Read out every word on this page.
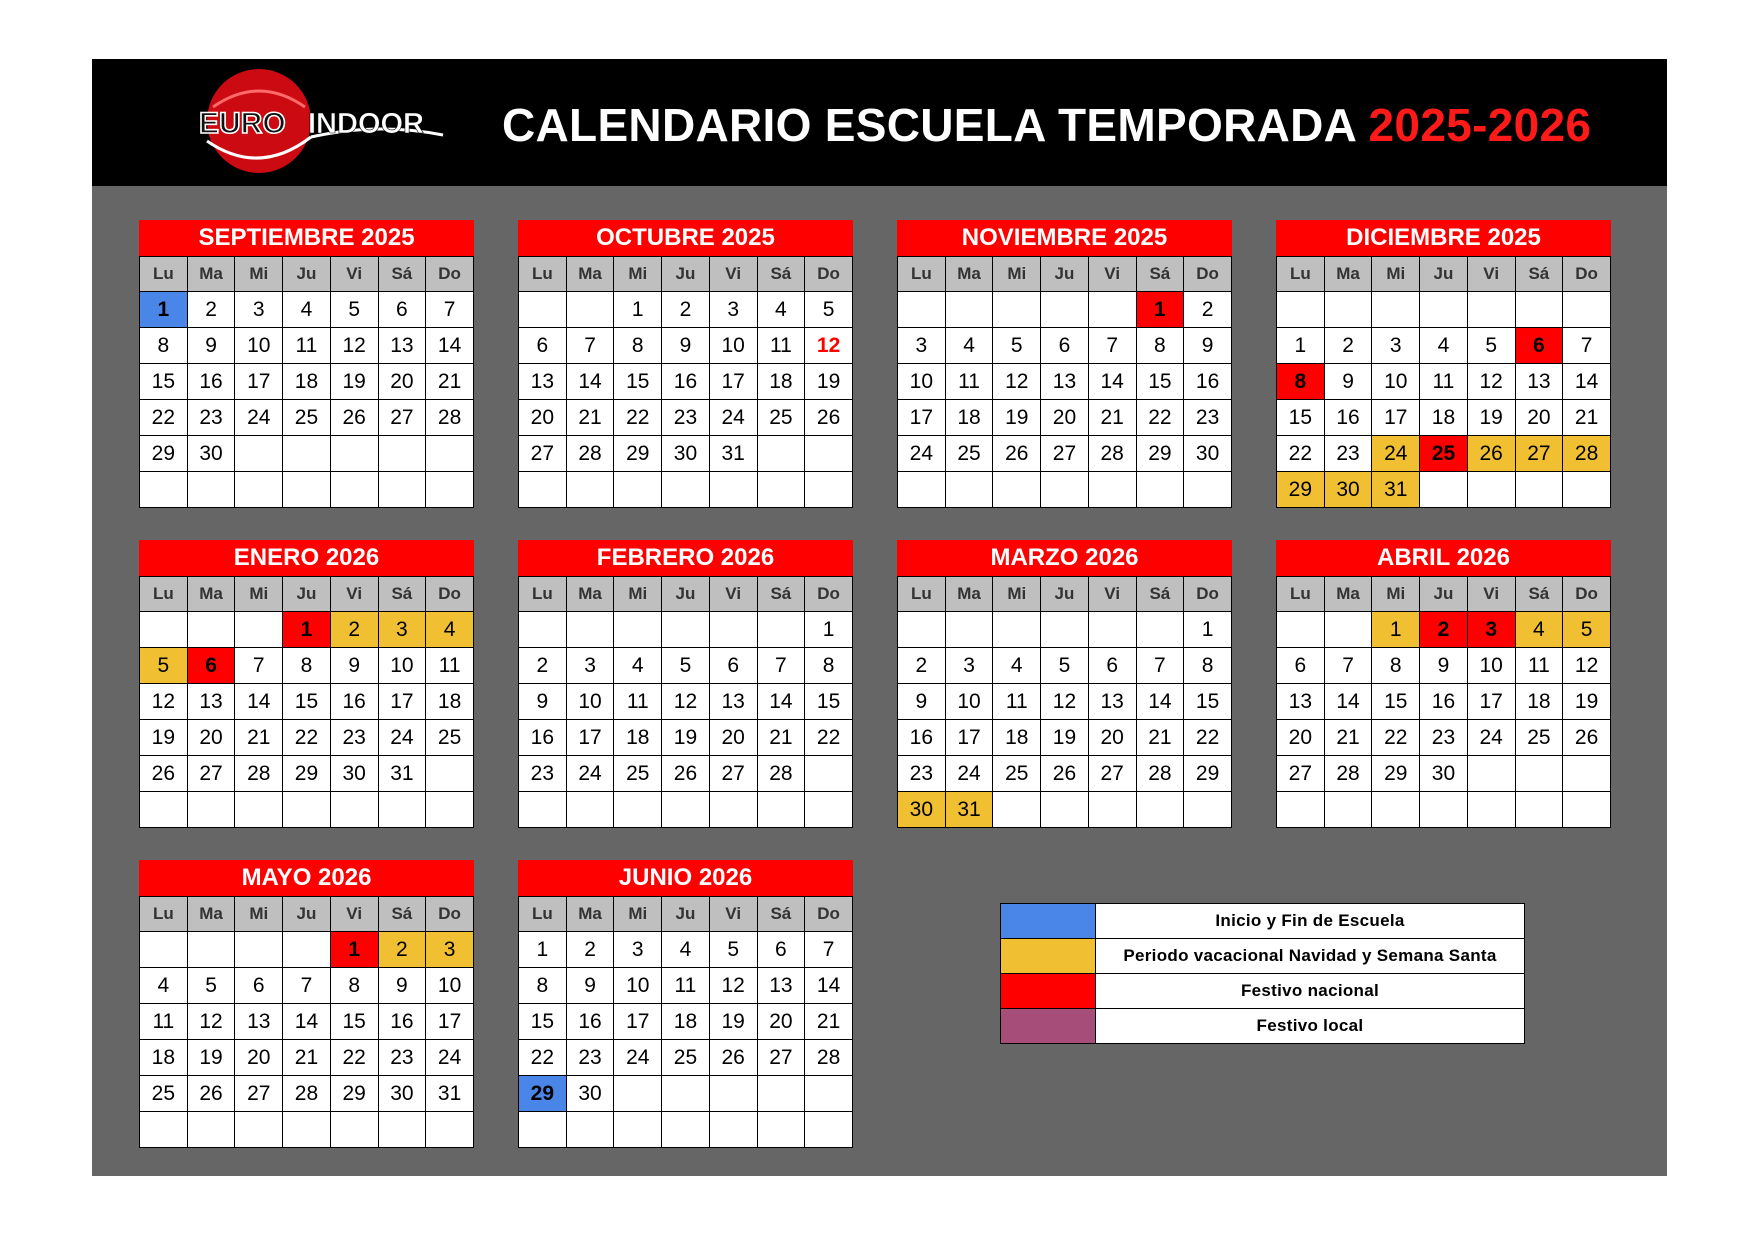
EURO INDOOR CALENDARIO ESCUELA TEMPORADA 2025-2026
SEPTIEMBRE 2025
Lu	Ma	Mi	Ju	Vi	Sá	Do
1	2	3	4	5	6	7
8	9	10	11	12	13	14
15	16	17	18	19	20	21
22	23	24	25	26	27	28
29	30					

OCTUBRE 2025
Lu	Ma	Mi	Ju	Vi	Sá	Do
		1	2	3	4	5
6	7	8	9	10	11	12
13	14	15	16	17	18	19
20	21	22	23	24	25	26
27	28	29	30	31		

NOVIEMBRE 2025
Lu	Ma	Mi	Ju	Vi	Sá	Do
					1	2
3	4	5	6	7	8	9
10	11	12	13	14	15	16
17	18	19	20	21	22	23
24	25	26	27	28	29	30

DICIEMBRE 2025
Lu	Ma	Mi	Ju	Vi	Sá	Do

1	2	3	4	5	6	7
8	9	10	11	12	13	14
15	16	17	18	19	20	21
22	23	24	25	26	27	28
29	30	31				
ENERO 2026
Lu	Ma	Mi	Ju	Vi	Sá	Do
			1	2	3	4
5	6	7	8	9	10	11
12	13	14	15	16	17	18
19	20	21	22	23	24	25
26	27	28	29	30	31	

FEBRERO 2026
Lu	Ma	Mi	Ju	Vi	Sá	Do
						1
2	3	4	5	6	7	8
9	10	11	12	13	14	15
16	17	18	19	20	21	22
23	24	25	26	27	28	

MARZO 2026
Lu	Ma	Mi	Ju	Vi	Sá	Do
						1
2	3	4	5	6	7	8
9	10	11	12	13	14	15
16	17	18	19	20	21	22
23	24	25	26	27	28	29
30	31					
ABRIL 2026
Lu	Ma	Mi	Ju	Vi	Sá	Do
		1	2	3	4	5
6	7	8	9	10	11	12
13	14	15	16	17	18	19
20	21	22	23	24	25	26
27	28	29	30			

MAYO 2026
Lu	Ma	Mi	Ju	Vi	Sá	Do
				1	2	3
4	5	6	7	8	9	10
11	12	13	14	15	16	17
18	19	20	21	22	23	24
25	26	27	28	29	30	31

JUNIO 2026
Lu	Ma	Mi	Ju	Vi	Sá	Do
1	2	3	4	5	6	7
8	9	10	11	12	13	14
15	16	17	18	19	20	21
22	23	24	25	26	27	28
29	30					

	Inicio y Fin de Escuela
	Periodo vacacional Navidad y Semana Santa
	Festivo nacional
	Festivo local
